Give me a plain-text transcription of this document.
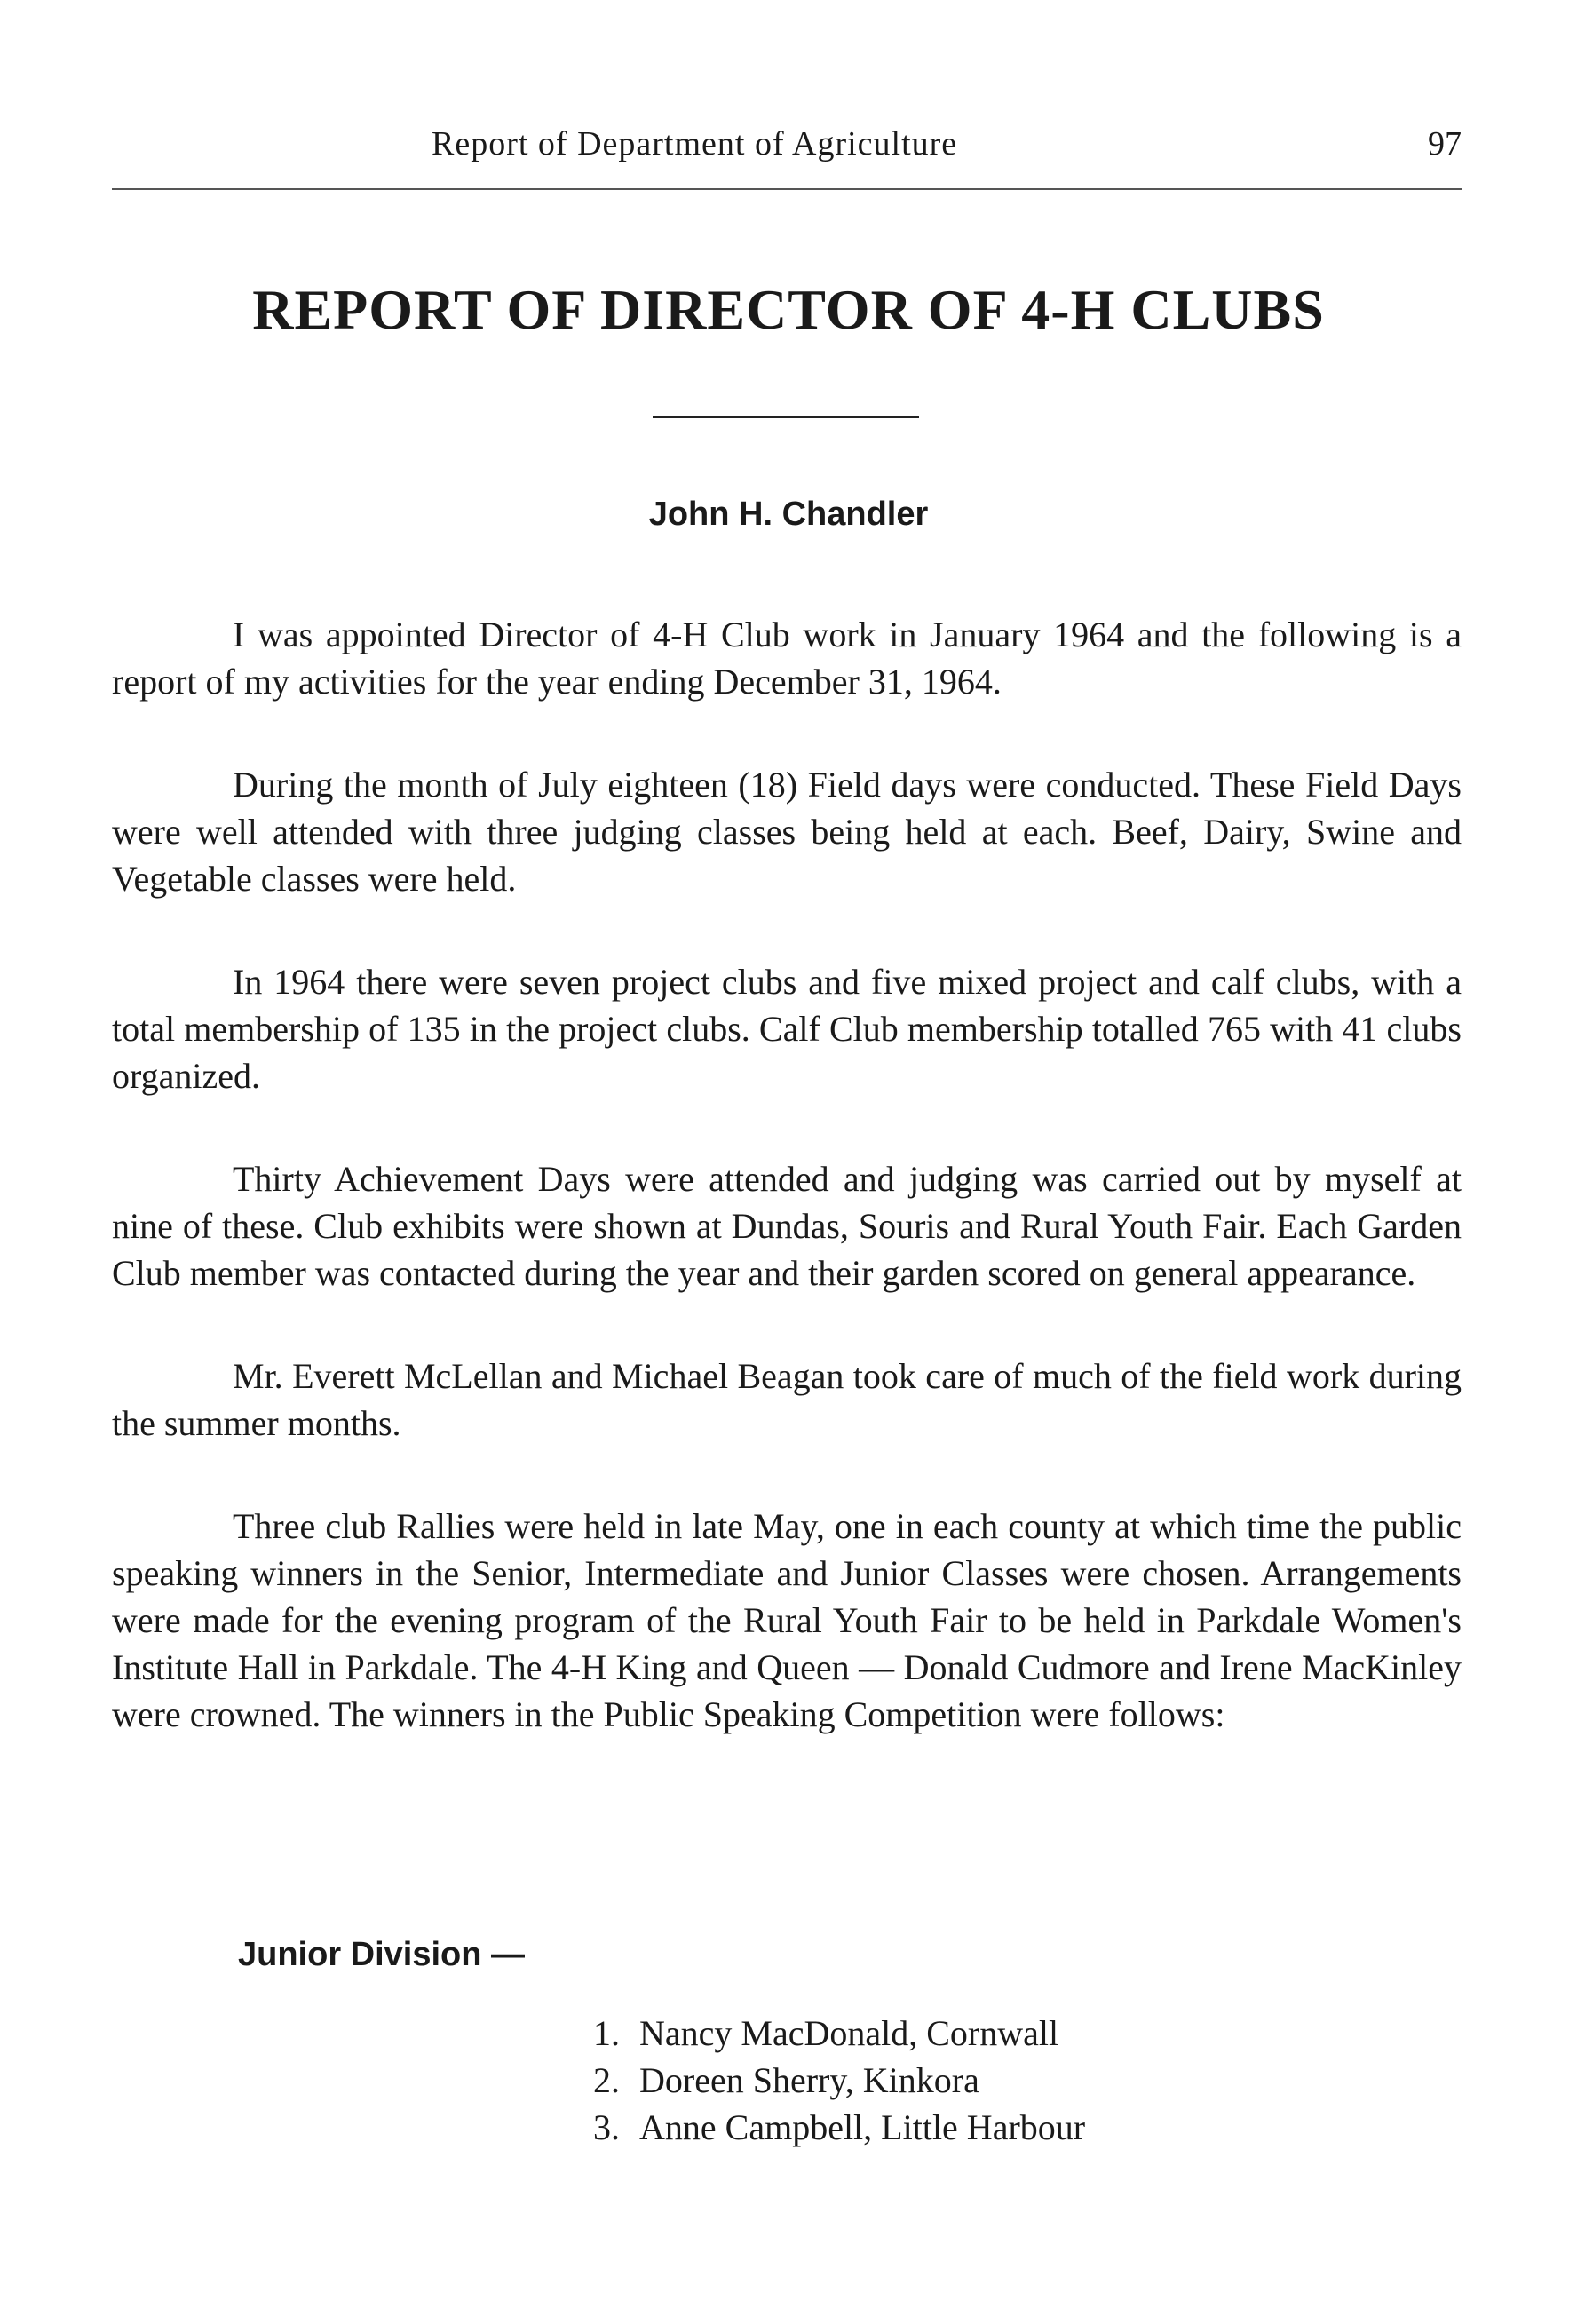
Report of Department of Agriculture	97
REPORT OF DIRECTOR OF 4-H CLUBS
John H. Chandler

I was appointed Director of 4-H Club work in January 1964 and the following is a report of my activities for the year ending December 31, 1964.

During the month of July eighteen (18) Field days were conducted. These Field Days were well attended with three judging classes being held at each. Beef, Dairy, Swine and Vegetable classes were held.

In 1964 there were seven project clubs and five mixed project and calf clubs, with a total membership of 135 in the project clubs. Calf Club membership totalled 765 with 41 clubs organized.

Thirty Achievement Days were attended and judging was carried out by myself at nine of these. Club exhibits were shown at Dundas, Souris and Rural Youth Fair. Each Garden Club member was contacted during the year and their garden scored on general appearance.

Mr. Everett McLellan and Michael Beagan took care of much of the field work during the summer months.

Three club Rallies were held in late May, one in each county at which time the public speaking winners in the Senior, Intermediate and Junior Classes were chosen. Arrangements were made for the evening program of the Rural Youth Fair to be held in Parkdale Women's Institute Hall in Parkdale. The 4-H King and Queen — Donald Cudmore and Irene MacKinley were crowned. The winners in the Public Speaking Competition were follows:

Junior Division —
1. Nancy MacDonald, Cornwall
2. Doreen Sherry, Kinkora
3. Anne Campbell, Little Harbour
